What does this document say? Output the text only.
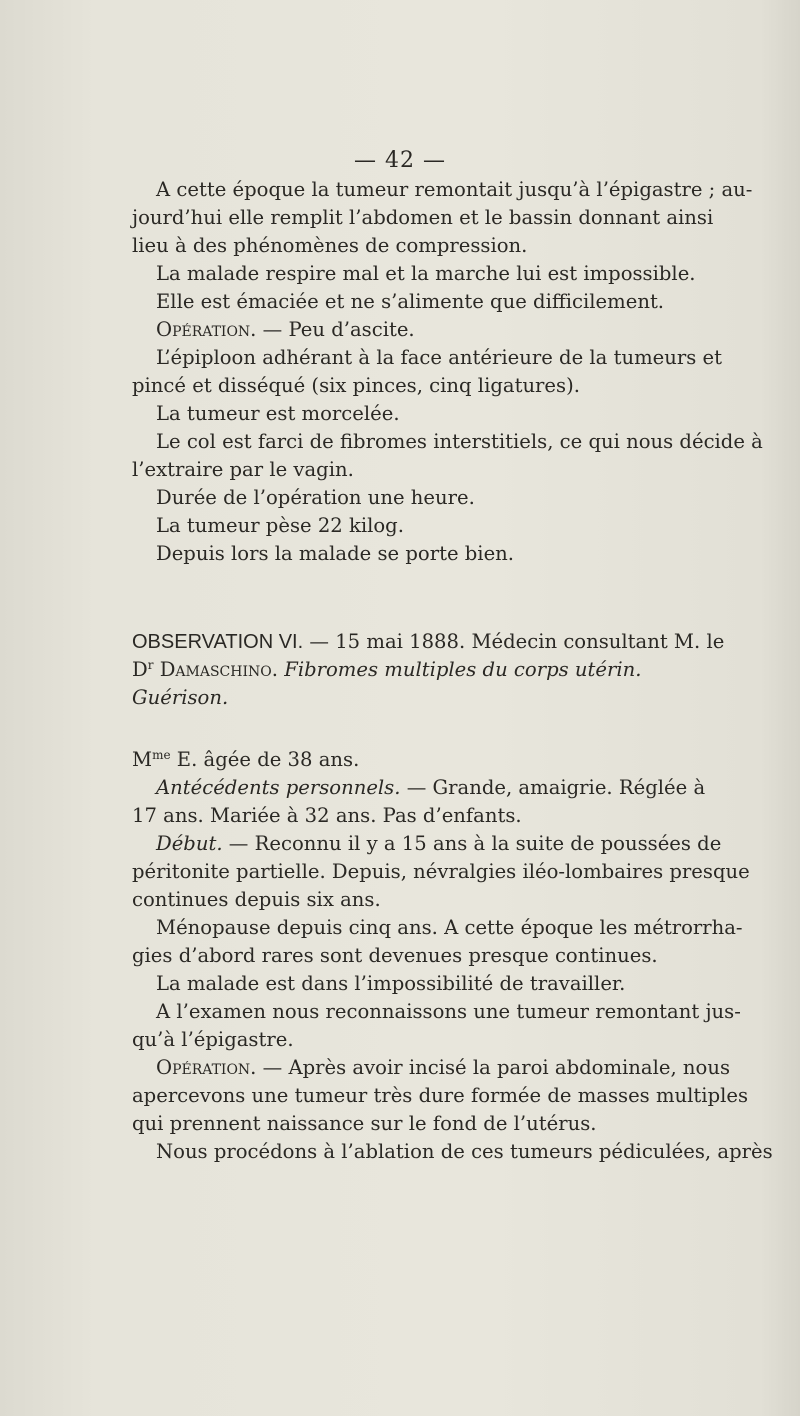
— 42 —
A cette époque la tumeur remontait jusqu’à l’épigastre ; au-
jourd’hui elle remplit l’abdomen et le bassin donnant ainsi
lieu à des phénomènes de compression.
La malade respire mal et la marche lui est impossible.
Elle est émaciée et ne s’alimente que difficilement.
Opération. — Peu d’ascite.
L’épiploon adhérant à la face antérieure de la tumeurs et
pincé et disséqué (six pinces, cinq ligatures).
La tumeur est morcelée.
Le col est farci de fibromes interstitiels, ce qui nous décide à
l’extraire par le vagin.
Durée de l’opération une heure.
La tumeur pèse 22 kilog.
Depuis lors la malade se porte bien.
OBSERVATION VI. — 15 mai 1888. Médecin consultant M. le
$D^r$ Damaschino. Fibromes multiples du corps utérin.
Guérison.
$M^{me}$ E. âgée de 38 ans.
Antécédents personnels. — Grande, amaigrie. Réglée à
17 ans. Mariée à 32 ans. Pas d’enfants.
Début. — Reconnu il y a 15 ans à la suite de poussées de
péritonite partielle. Depuis, névralgies iléo-lombaires presque
continues depuis six ans.
Ménopause depuis cinq ans. A cette époque les métrorrha-
gies d’abord rares sont devenues presque continues.
La malade est dans l’impossibilité de travailler.
A l’examen nous reconnaissons une tumeur remontant jus-
qu’à l’épigastre.
Opération. — Après avoir incisé la paroi abdominale, nous
apercevons une tumeur très dure formée de masses multiples
qui prennent naissance sur le fond de l’utérus.
Nous procédons à l’ablation de ces tumeurs pédiculées, après
